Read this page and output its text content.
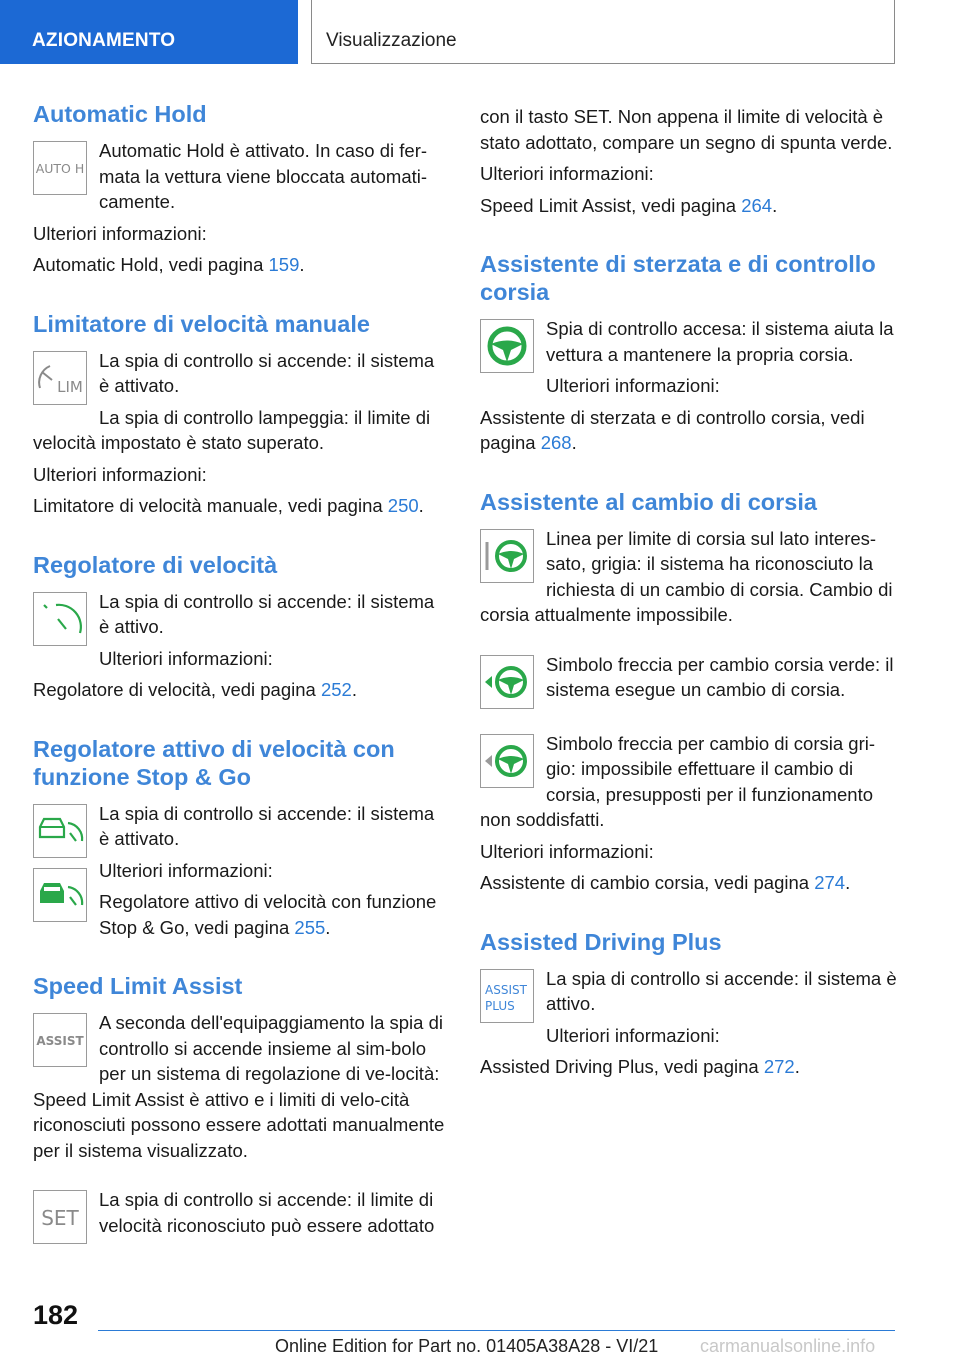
AZIONAMENTO	Visualizzazione
Automatic Hold
AUTO H

Automatic Hold è attivato. In caso di fer-mata la vettura viene bloccata automati-camente.

Ulteriori informazioni:

Automatic Hold, vedi pagina 159.

Limitatore di velocità manuale
LIM

La spia di controllo si accende: il sistema è attivato.

La spia di controllo lampeggia: il limite di velocità impostato è stato superato.

Ulteriori informazioni:

Limitatore di velocità manuale, vedi pagina 250.

Regolatore di velocità

La spia di controllo si accende: il sistema è attivo.

Ulteriori informazioni:

Regolatore di velocità, vedi pagina 252.

Regolatore attivo di velocità con funzione Stop & Go

La spia di controllo si accende: il sistema è attivato.

Ulteriori informazioni:

Regolatore attivo di velocità con funzione Stop & Go, vedi pagina 255.

Speed Limit Assist
ASSIST

A seconda dell'equipaggiamento la spia di controllo si accende insieme al sim-bolo per un sistema di regolazione di ve-locità: Speed Limit Assist è attivo e i limiti di velo-cità riconosciuti possono essere adottati manualmente per il sistema visualizzato.

SET

La spia di controllo si accende: il limite di velocità riconosciuto può essere adottato

con il tasto SET. Non appena il limite di velocità è stato adottato, compare un segno di spunta verde.

Ulteriori informazioni:

Speed Limit Assist, vedi pagina 264.

Assistente di sterzata e di controllo corsia

Spia di controllo accesa: il sistema aiuta la vettura a mantenere la propria corsia.

Ulteriori informazioni:

Assistente di sterzata e di controllo corsia, vedi pagina 268.

Assistente al cambio di corsia

Linea per limite di corsia sul lato interes-sato, grigia: il sistema ha riconosciuto la richiesta di un cambio di corsia. Cambio di corsia attualmente impossibile.

Simbolo freccia per cambio corsia verde: il sistema esegue un cambio di corsia.

Simbolo freccia per cambio di corsia gri-gio: impossibile effettuare il cambio di corsia, presupposti per il funzionamento non soddisfatti.

Ulteriori informazioni:

Assistente di cambio corsia, vedi pagina 274.

Assisted Driving Plus
ASSIST
PLUS

La spia di controllo si accende: il sistema è attivo.

Ulteriori informazioni:

Assisted Driving Plus, vedi pagina 272.

182
Online Edition for Part no. 01405A38A28 - VI/21 carmanualsonline.info
